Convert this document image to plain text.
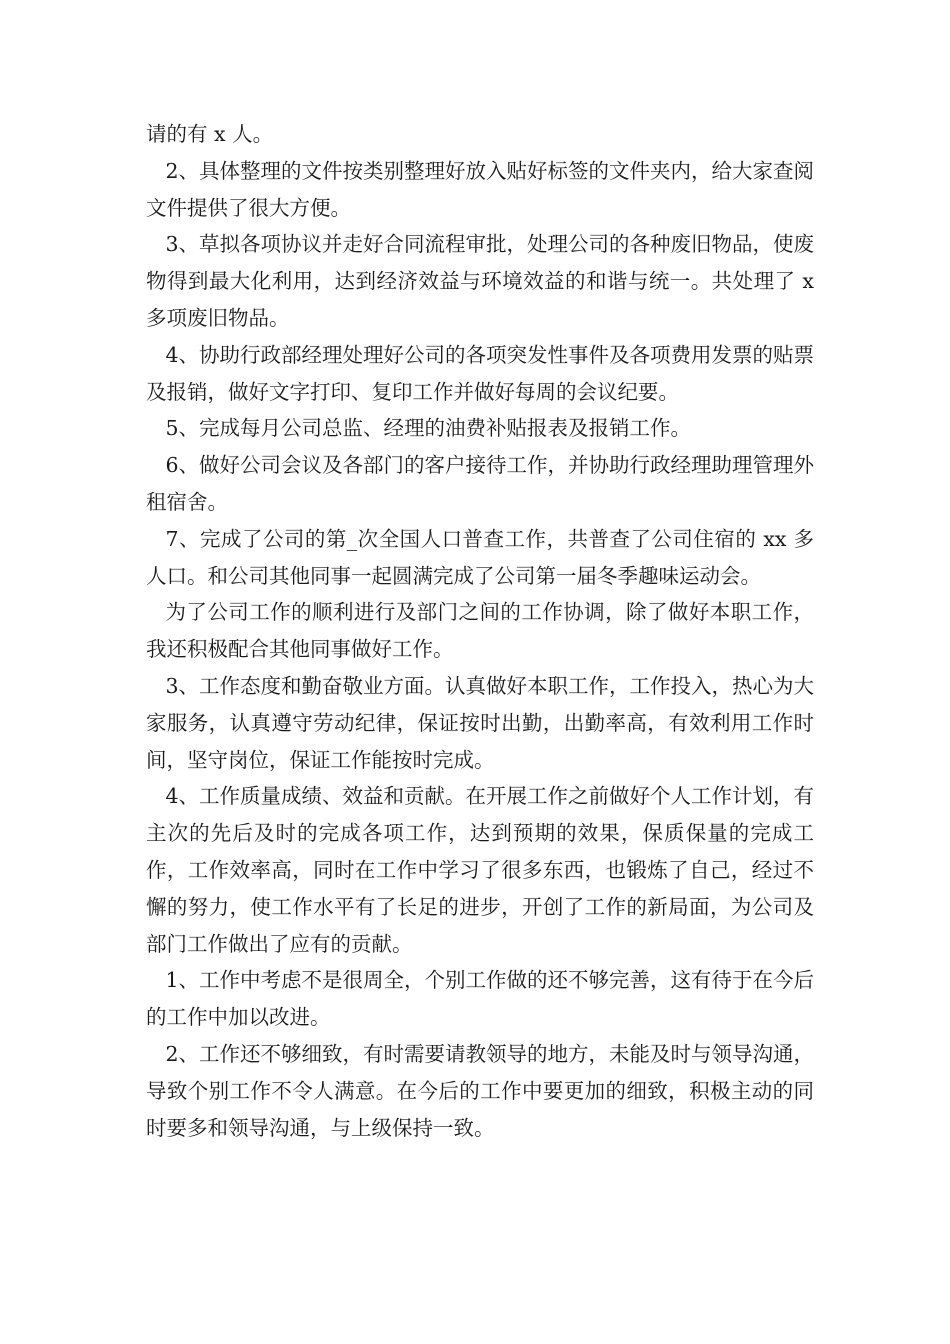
请的有 x 人。

2、具体整理的文件按类别整理好放入贴好标签的文件夹内，给大家查阅文件提供了很大方便。

3、草拟各项协议并走好合同流程审批，处理公司的各种废旧物品，使废物得到最大化利用，达到经济效益与环境效益的和谐与统一。共处理了 x 多项废旧物品。

4、协助行政部经理处理好公司的各项突发性事件及各项费用发票的贴票及报销，做好文字打印、复印工作并做好每周的会议纪要。

5、完成每月公司总监、经理的油费补贴报表及报销工作。

6、做好公司会议及各部门的客户接待工作，并协助行政经理助理管理外租宿舍。

7、完成了公司的第_次全国人口普查工作，共普查了公司住宿的 xx 多人口。和公司其他同事一起圆满完成了公司第一届冬季趣味运动会。

为了公司工作的顺利进行及部门之间的工作协调，除了做好本职工作，我还积极配合其他同事做好工作。

3、工作态度和勤奋敬业方面。认真做好本职工作，工作投入，热心为大家服务，认真遵守劳动纪律，保证按时出勤，出勤率高，有效利用工作时间，坚守岗位，保证工作能按时完成。

4、工作质量成绩、效益和贡献。在开展工作之前做好个人工作计划，有主次的先后及时的完成各项工作，达到预期的效果，保质保量的完成工作，工作效率高，同时在工作中学习了很多东西，也锻炼了自己，经过不懈的努力，使工作水平有了长足的进步，开创了工作的新局面，为公司及部门工作做出了应有的贡献。

1、工作中考虑不是很周全，个别工作做的还不够完善，这有待于在今后的工作中加以改进。

2、工作还不够细致，有时需要请教领导的地方，未能及时与领导沟通，导致个别工作不令人满意。在今后的工作中要更加的细致，积极主动的同时要多和领导沟通，与上级保持一致。
